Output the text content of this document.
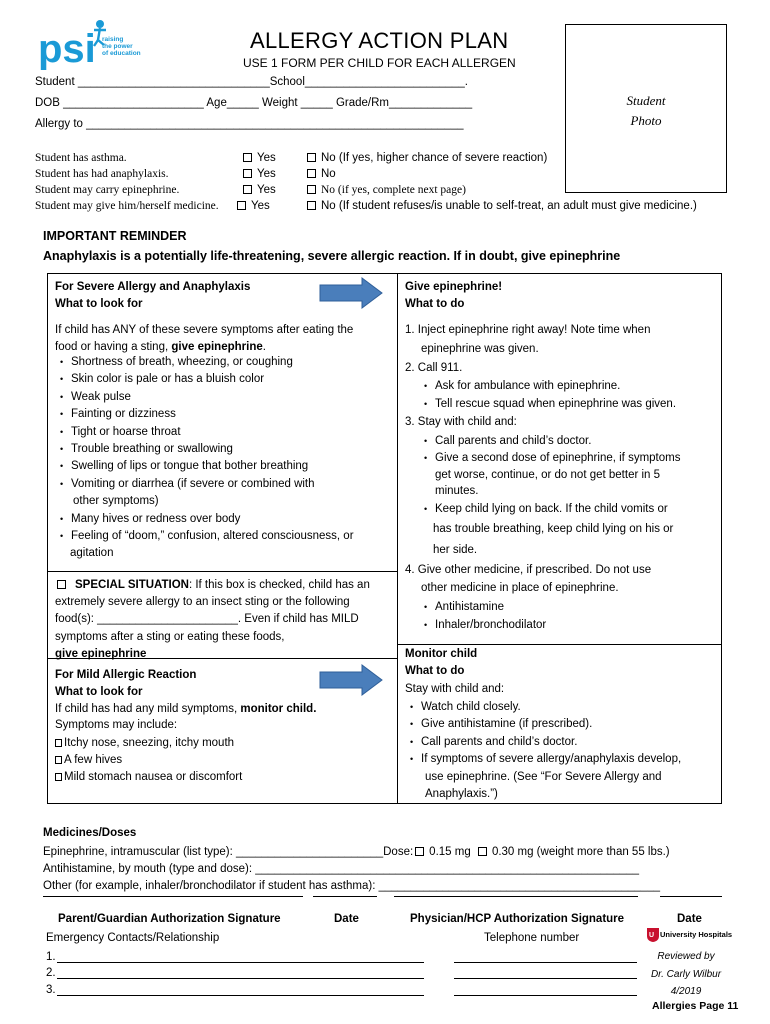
psi raising
the power
of education
ALLERGY ACTION PLAN
USE 1 FORM PER CHILD FOR EACH ALLERGEN
Student
Photo
Student ______________________________School_________________________.
DOB ______________________ Age_____ Weight _____ Grade/Rm_____________
Allergy to ___________________________________________________________
Student has asthma.	Yes	No (If yes, higher chance of severe reaction)
Student has had anaphylaxis.	Yes	No
Student may carry epinephrine.	Yes	No (if yes, complete next page)
Student may give him/herself medicine.	Yes	No (If student refuses/is unable to self-treat, an adult must give medicine.)
IMPORTANT REMINDER
Anaphylaxis is a potentially life-threatening, severe allergic reaction. If in doubt, give epinephrine
For Severe Allergy and Anaphylaxis
What to look for
If child has ANY of these severe symptoms after eating the
food or having a sting, give epinephrine.
• Shortness of breath, wheezing, or coughing
• Skin color is pale or has a bluish color
• Weak pulse
• Fainting or dizziness
• Tight or hoarse throat
• Trouble breathing or swallowing
• Swelling of lips or tongue that bother breathing
• Vomiting or diarrhea (if severe or combined with
other symptoms)
• Many hives or redness over body
• Feeling of “doom,” confusion, altered consciousness, or
agitation
SPECIAL SITUATION: If this box is checked, child has an
extremely severe allergy to an insect sting or the following
food(s): ______________________. Even if child has MILD
symptoms after a sting or eating these foods,
give epinephrine
For Mild Allergic Reaction
What to look for
If child has had any mild symptoms, monitor child.
Symptoms may include:
Itchy nose, sneezing, itchy mouth
A few hives
Mild stomach nausea or discomfort
Give epinephrine!
What to do
1. Inject epinephrine right away! Note time when
epinephrine was given.
2. Call 911.
• Ask for ambulance with epinephrine.
• Tell rescue squad when epinephrine was given.
3. Stay with child and:
• Call parents and child’s doctor.
• Give a second dose of epinephrine, if symptoms
get worse, continue, or do not get better in 5
minutes.
• Keep child lying on back. If the child vomits or
has trouble breathing, keep child lying on his or
her side.
4. Give other medicine, if prescribed. Do not use
other medicine in place of epinephrine.
• Antihistamine
• Inhaler/bronchodilator
Monitor child
What to do
Stay with child and:
• Watch child closely.
• Give antihistamine (if prescribed).
• Call parents and child’s doctor.
• If symptoms of severe allergy/anaphylaxis develop,
use epinephrine. (See “For Severe Allergy and
Anaphylaxis.”)
Medicines/Doses
Epinephrine, intramuscular (list type): _______________________Dose: 0.15 mg 0.30 mg (weight more than 55 lbs.)
Antihistamine, by mouth (type and dose): ____________________________________________________________
Other (for example, inhaler/bronchodilator if student has asthma): ____________________________________________
Parent/Guardian Authorization Signature	Date	Physician/HCP Authorization Signature	Date
Emergency Contacts/Relationship	Telephone number
1.
2.
3.
U University Hospitals
Reviewed by
Dr. Carly Wilbur
4/2019
Allergies Page 11
